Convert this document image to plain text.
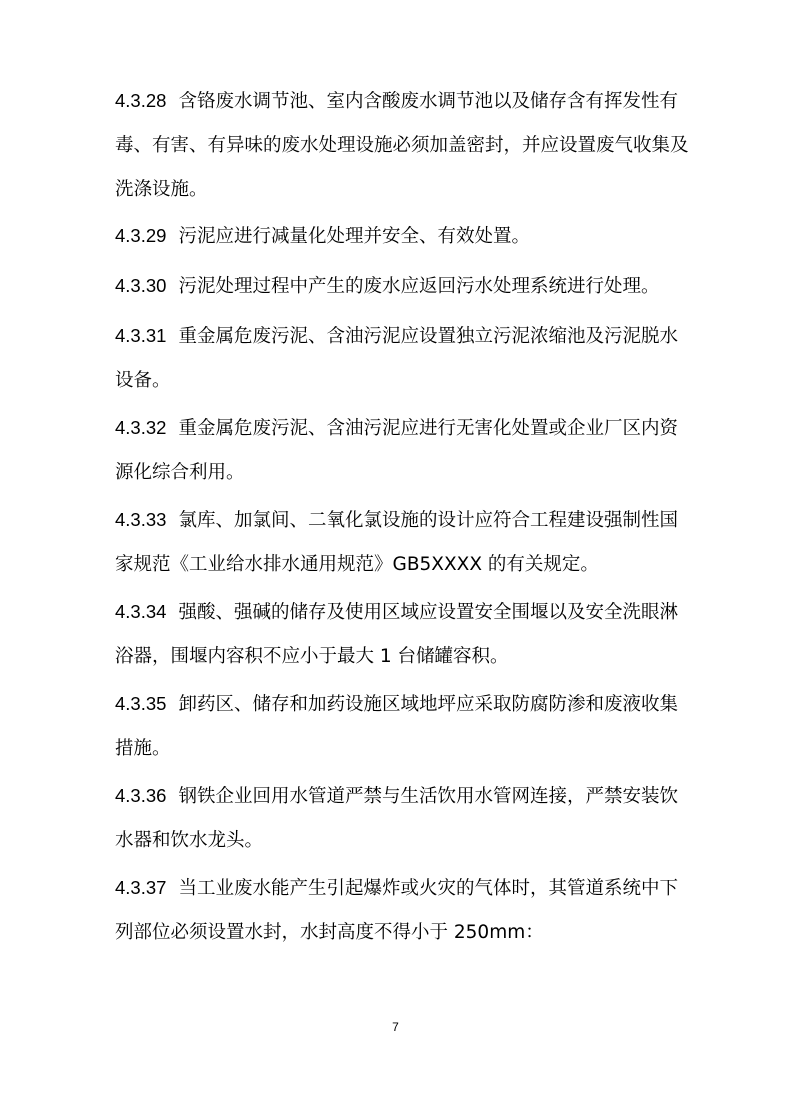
4.3.28 含铬废水调节池、室内含酸废水调节池以及储存含有挥发性有毒、有害、有异味的废水处理设施必须加盖密封，并应设置废气收集及洗涤设施。

4.3.29 污泥应进行减量化处理并安全、有效处置。

4.3.30 污泥处理过程中产生的废水应返回污水处理系统进行处理。

4.3.31 重金属危废污泥、含油污泥应设置独立污泥浓缩池及污泥脱水设备。

4.3.32 重金属危废污泥、含油污泥应进行无害化处置或企业厂区内资源化综合利用。

4.3.33 氯库、加氯间、二氧化氯设施的设计应符合工程建设强制性国家规范《工业给水排水通用规范》GB5XXXX 的有关规定。

4.3.34 强酸、强碱的储存及使用区域应设置安全围堰以及安全洗眼淋浴器，围堰内容积不应小于最大 1 台储罐容积。

4.3.35 卸药区、储存和加药设施区域地坪应采取防腐防渗和废液收集措施。

4.3.36 钢铁企业回用水管道严禁与生活饮用水管网连接，严禁安装饮水器和饮水龙头。

4.3.37 当工业废水能产生引起爆炸或火灾的气体时，其管道系统中下列部位必须设置水封，水封高度不得小于 250mm：

7
